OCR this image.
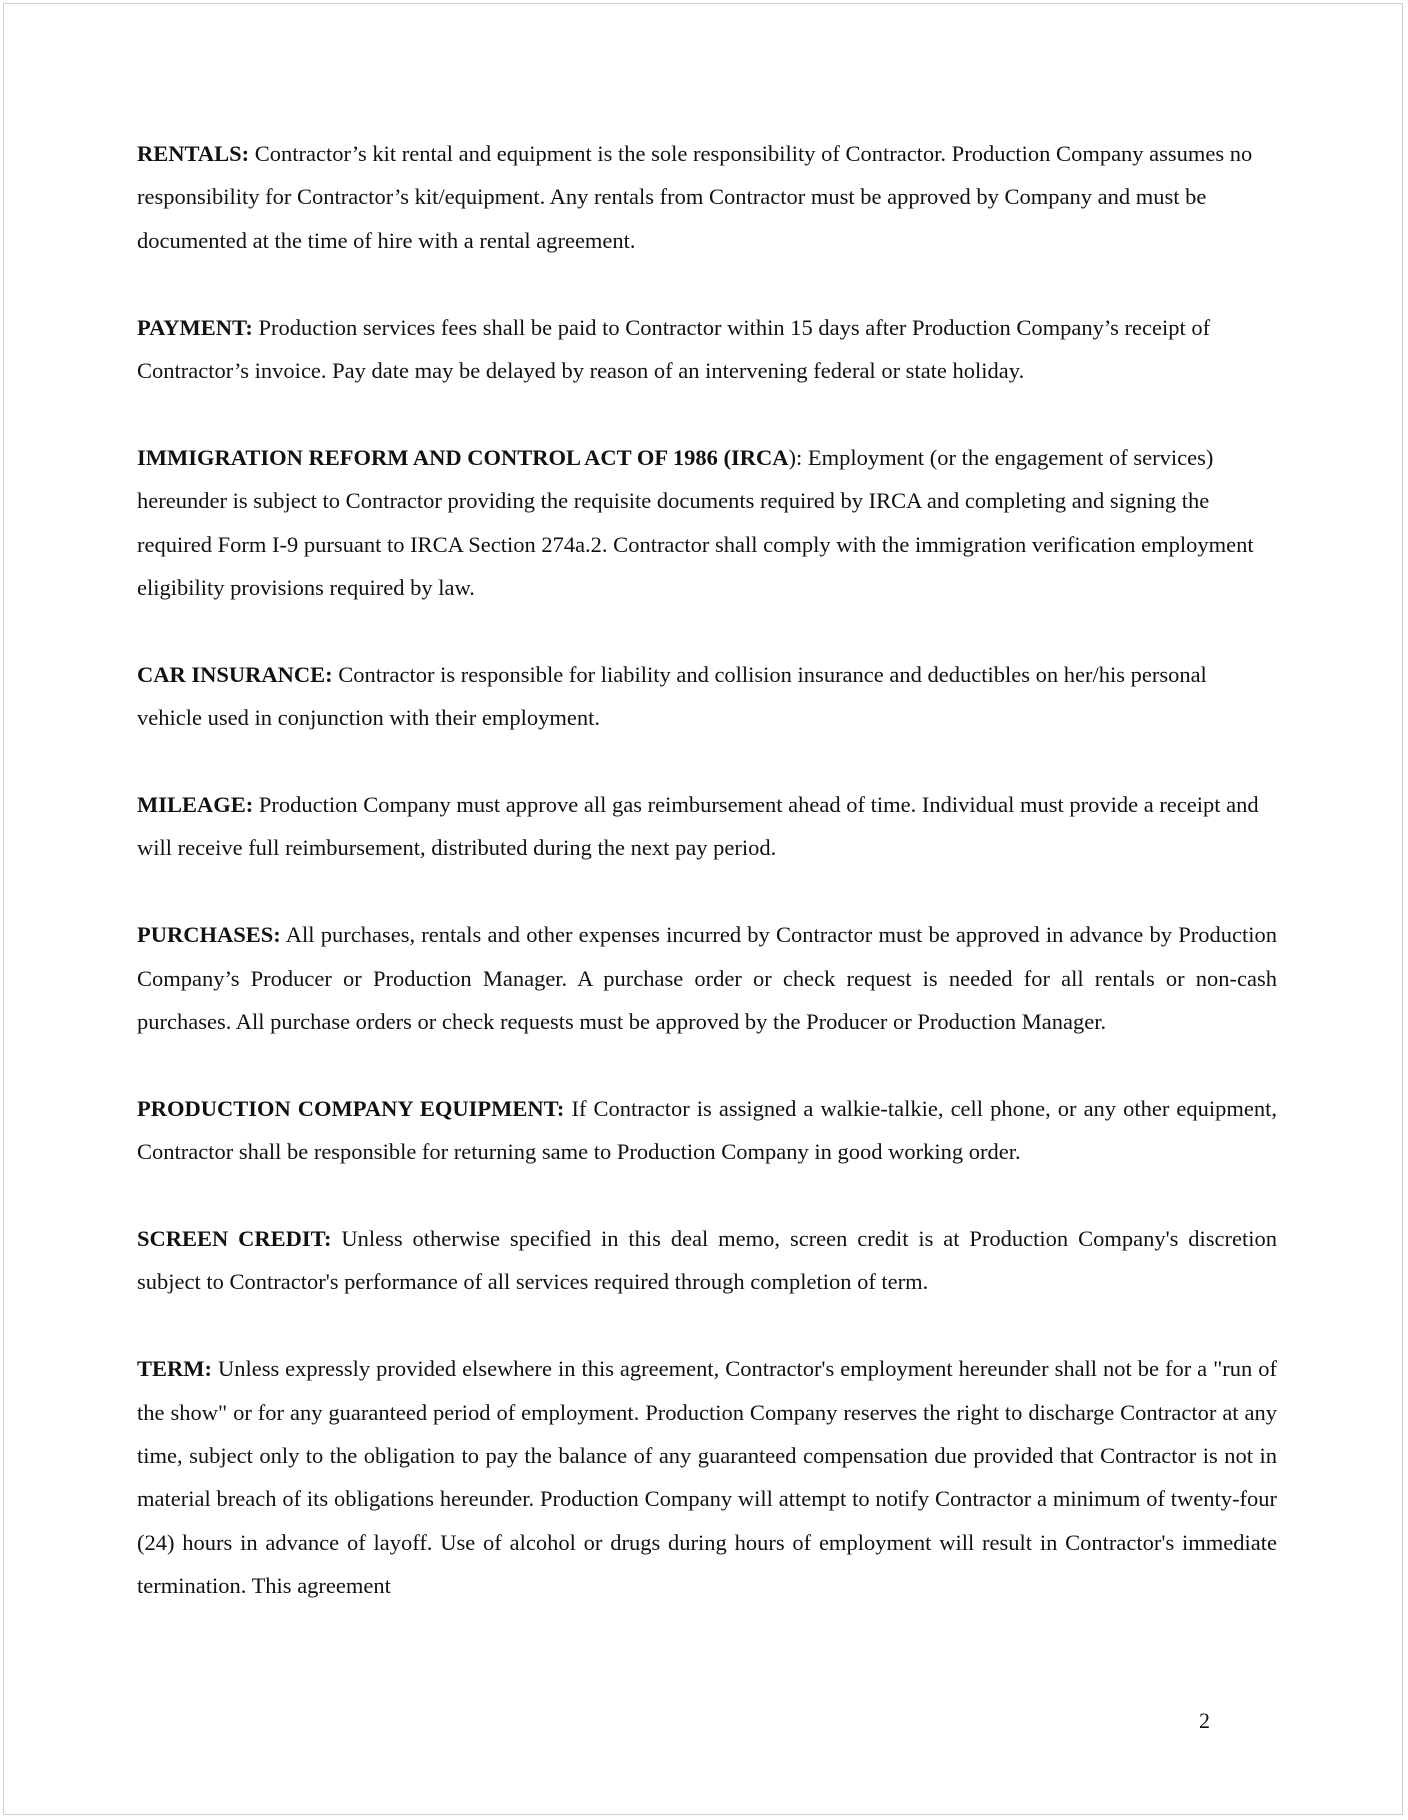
RENTALS: Contractor’s kit rental and equipment is the sole responsibility of Contractor. Production Company assumes no responsibility for Contractor’s kit/equipment. Any rentals from Contractor must be approved by Company and must be documented at the time of hire with a rental agreement.

PAYMENT: Production services fees shall be paid to Contractor within 15 days after Production Company’s receipt of Contractor’s invoice. Pay date may be delayed by reason of an intervening federal or state holiday.

IMMIGRATION REFORM AND CONTROL ACT OF 1986 (IRCA): Employment (or the engagement of services) hereunder is subject to Contractor providing the requisite documents required by IRCA and completing and signing the required Form I-9 pursuant to IRCA Section 274a.2. Contractor shall comply with the immigration verification employment eligibility provisions required by law.

CAR INSURANCE: Contractor is responsible for liability and collision insurance and deductibles on her/his personal vehicle used in conjunction with their employment.

MILEAGE: Production Company must approve all gas reimbursement ahead of time. Individual must provide a receipt and will receive full reimbursement, distributed during the next pay period.

PURCHASES: All purchases, rentals and other expenses incurred by Contractor must be approved in advance by Production Company’s Producer or Production Manager. A purchase order or check request is needed for all rentals or non-cash purchases. All purchase orders or check requests must be approved by the Producer or Production Manager.

PRODUCTION COMPANY EQUIPMENT: If Contractor is assigned a walkie-talkie, cell phone, or any other equipment, Contractor shall be responsible for returning same to Production Company in good working order.

SCREEN CREDIT: Unless otherwise specified in this deal memo, screen credit is at Production Company's discretion subject to Contractor's performance of all services required through completion of term.

TERM: Unless expressly provided elsewhere in this agreement, Contractor's employment hereunder shall not be for a "run of the show" or for any guaranteed period of employment. Production Company reserves the right to discharge Contractor at any time, subject only to the obligation to pay the balance of any guaranteed compensation due provided that Contractor is not in material breach of its obligations hereunder. Production Company will attempt to notify Contractor a minimum of twenty-four (24) hours in advance of layoff. Use of alcohol or drugs during hours of employment will result in Contractor's immediate termination. This agreement

2
